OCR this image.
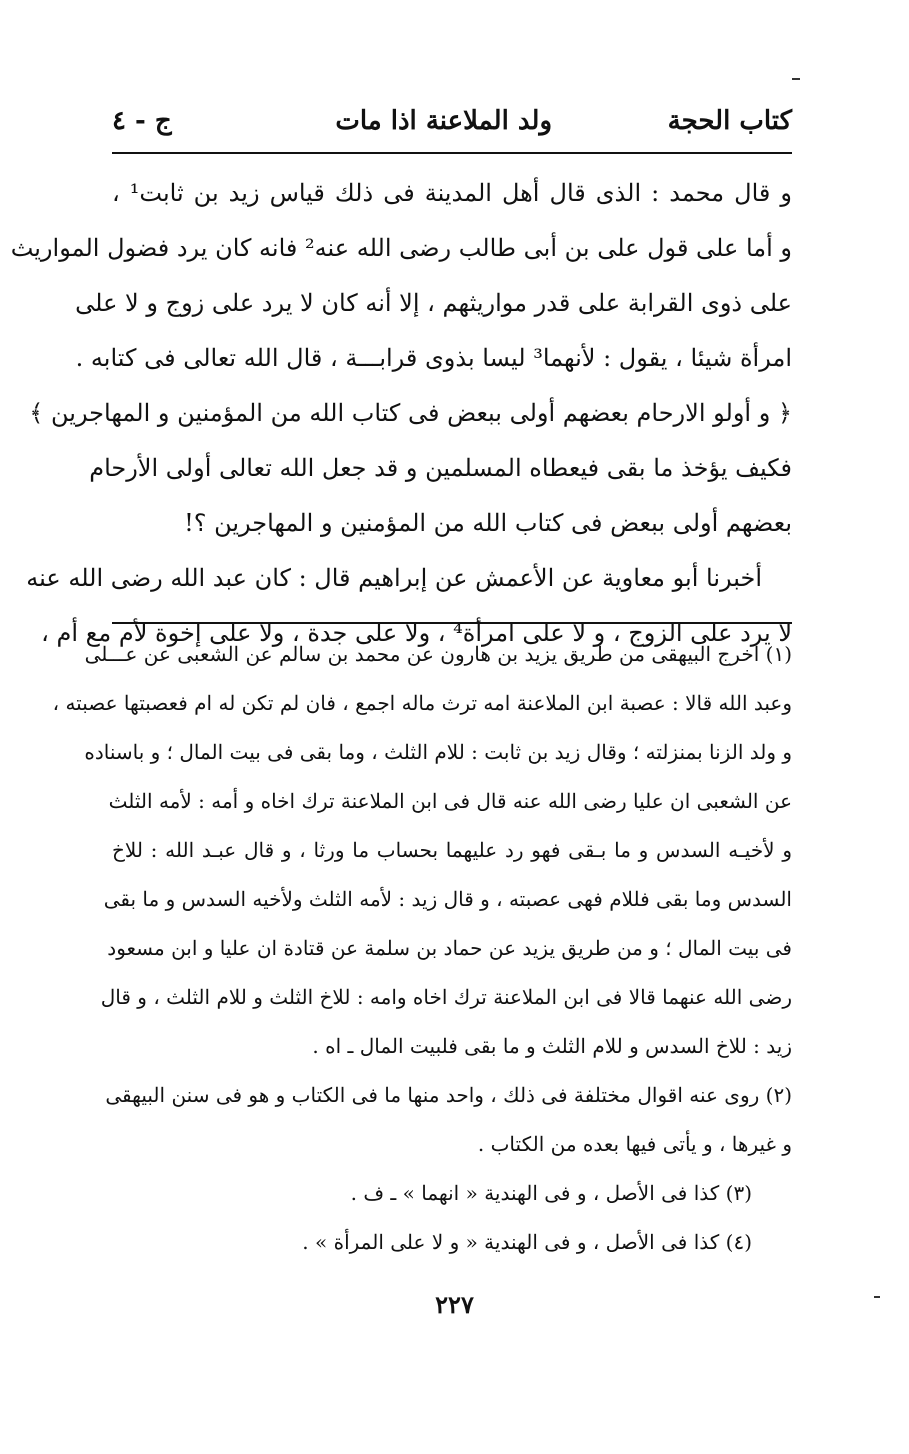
كتاب الحجة
ولد الملاعنة اذا مات
ج - ٤
و قال محمد : الذى قال أهل المدينة فى ذلك قياس زيد بن ثابت¹ ،
و أما على قول على بن أبى طالب رضى الله عنه² فانه كان يرد فضول المواريث
على ذوى القرابة على قدر مواريثهم ، إلا أنه كان لا يرد على زوج و لا على
امرأة شيئا ، يقول : لأنهما³ ليسا بذوى قرابـــة ، قال الله تعالى فى كتابه .
﴿ و أولو الارحام بعضهم أولى ببعض فى كتاب الله من المؤمنين و المهاجرين ﴾
فكيف يؤخذ ما بقى فيعطاه المسلمين و قد جعل الله تعالى أولى الأرحام
بعضهم أولى ببعض فى كتاب الله من المؤمنين و المهاجرين ؟!
أخبرنا أبو معاوية عن الأعمش عن إبراهيم قال : كان عبد الله رضى الله عنه
لا يرد على الزوج ، و لا على امرأة⁴ ، ولا على جدة ، ولا على إخوة لأم مع أم ،
(١) اخرج البيهقى من طريق يزيد بن هارون عن محمد بن سالم عن الشعبى عن عـــلى
وعبد الله قالا : عصبة ابن الملاعنة امه ترث ماله اجمع ، فان لم تكن له ام فعصبتها عصبته ،
و ولد الزنا بمنزلته ؛ وقال زيد بن ثابت : للام الثلث ، وما بقى فى بيت المال ؛ و باسناده
عن الشعبى ان عليا رضى الله عنه قال فى ابن الملاعنة ترك اخاه و أمه : لأمه الثلث
و لأخيـه السدس و ما بـقى فهو رد عليهما بحساب ما ورثا ، و قال عبـد الله : للاخ
السدس وما بقى فللام فهى عصبته ، و قال زيد : لأمه الثلث ولأخيه السدس و ما بقى
فى بيت المال ؛ و من طريق يزيد عن حماد بن سلمة عن قتادة ان عليا و ابن مسعود
رضى الله عنهما قالا فى ابن الملاعنة ترك اخاه وامه : للاخ الثلث و للام الثلث ، و قال
زيد : للاخ السدس و للام الثلث و ما بقى فلبيت المال ـ اه .
(٢) روى عنه اقوال مختلفة فى ذلك ، واحد منها ما فى الكتاب و هو فى سنن البيهقى
و غيرها ، و يأتى فيها بعده من الكتاب .
(٣) كذا فى الأصل ، و فى الهندية « انهما » ـ ف .
(٤) كذا فى الأصل ، و فى الهندية « و لا على المرأة » .
٢٢٧
